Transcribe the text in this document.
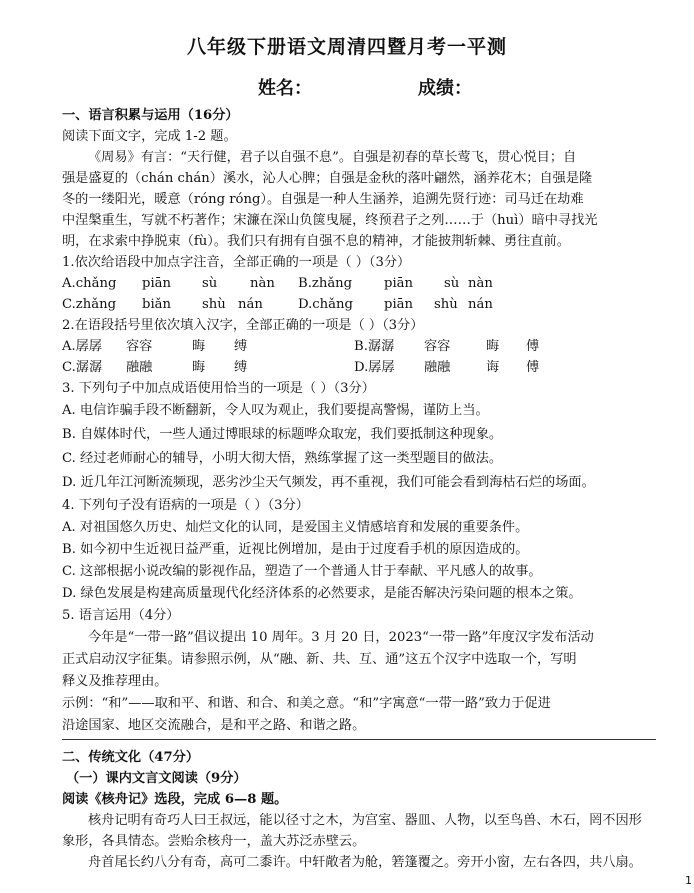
八年级下册语文周清四暨月考一平测
姓名：	成绩：
一、语言积累与运用（16分）
阅读下面文字，完成 1-2 题。
《周易》有言：“天行健，君子以自强不息”。自强是初春的草长莺飞，贯心悦目；自
强是盛夏的（chán chán）溪水，沁人心脾；自强是金秋的落叶翩然，涵养花木；自强是隆
冬的一缕阳光，暖意（róng róng）。自强是一种人生涵养，追溯先贤行迹：司马迁在劫难
中涅槃重生，写就不朽著作；宋濂在深山负箧曳屣，终预君子之列……于（huì）暗中寻找光
明，在求索中挣脱束（fù）。我们只有拥有自强不息的精神，才能披荆斩棘、勇往直前。
1.依次给语段中加点字注音，全部正确的一项是（ ）（3分）
A.chǎng piān sù nàn B.zhǎng piān sù nàn
C.zhǎng biǎn shù nán	D.chǎng piān shù nán
2.在语段括号里依次填入汉字，全部正确的一项是（ ）（3分）
A.孱孱 容容	晦 缚	B.潺潺 容容	晦 傅
C.潺潺 融融	晦 缚	D.孱孱 融融	诲 傅
3. 下列句子中加点成语使用恰当的一项是（ ）（3分）
A. 电信诈骗手段不断翻新，令人叹为观止，我们要提高警惕，谨防上当。
B. 自媒体时代，一些人通过博眼球的标题哗众取宠，我们要抵制这种现象。
C. 经过老师耐心的辅导，小明大彻大悟，熟练掌握了这一类型题目的做法。
D. 近几年江河断流频现，恶劣沙尘天气频发，再不重视，我们可能会看到海枯石烂的场面。
4. 下列句子没有语病的一项是（ ）（3分）
A. 对祖国悠久历史、灿烂文化的认同，是爱国主义情感培育和发展的重要条件。
B. 如今初中生近视日益严重，近视比例增加，是由于过度看手机的原因造成的。
C. 这部根据小说改编的影视作品，塑造了一个普通人甘于奉献、平凡感人的故事。
D. 绿色发展是构建高质量现代化经济体系的必然要求，是能否解决污染问题的根本之策。
5. 语言运用（4分）
今年是“一带一路”倡议提出 10 周年。3 月 20 日，2023“一带一路”年度汉字发布活动
正式启动汉字征集。请参照示例，从“融、新、共、互、通”这五个汉字中选取一个，写明
释义及推荐理由。
示例：“和”——取和平、和谐、和合、和美之意。“和”字寓意“一带一路”致力于促进
沿途国家、地区交流融合，是和平之路、和谐之路。
二、传统文化（47分）
（一）课内文言文阅读（9分）
阅读《核舟记》选段，完成 6—8 题。
核舟记明有奇巧人曰王叔远，能以径寸之木，为宫室、器皿、人物，以至鸟兽、木石，罔不因形
象形，各具情态。尝贻余核舟一，盖大苏泛赤壁云。
舟首尾长约八分有奇，高可二黍许。中轩敞者为舱，箬篷覆之。旁开小窗，左右各四，共八扇。
1
